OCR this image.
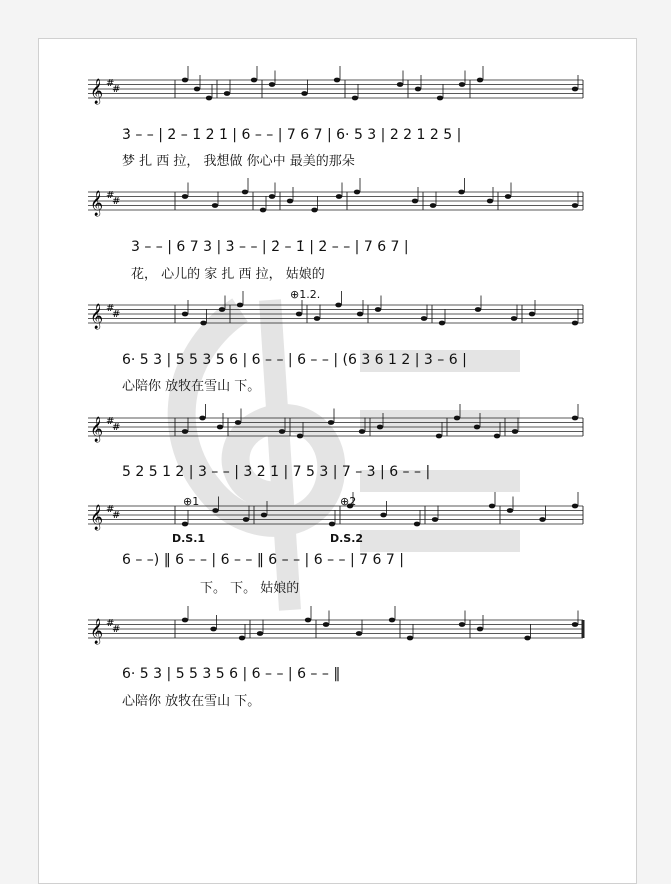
𝄞 #
#
𝄞 #
#
𝄞 #
#
𝄞 #
#
𝄞 #
#
𝄞 #
#
3̇ – – | 2̇ – 1̇ 2̇ 1̇ | 6 – – | 7 6 7 | 6· 5 3 | 2 2 1 2 5 |
梦 扎 西 拉， 我想做 你心中 最美的那朵
3 – – | 6 7 3 | 3̇ – – | 2̇ – 1̇ | 2̇ – – | 7 6 7 |
花， 心儿的 家 扎 西 拉， 姑娘的
6· 5 3 | 5 5 3 5 6 | 6 – – | 6 – – | (6 3 6 1 2 | 3 – 6 |
心陪你 放牧在雪山 下。
5 2 5 1 2 | 3 – – | 3̇ 2̇ 1̇ | 7 5 3 | 7 – 3 | 6 – – |
6 – –) ‖ 6 – – | 6 – – ‖ 6 – – | 6 – – | 7 6 7 |
下。 下。 姑娘的
6· 5 3 | 5 5 3 5 6 | 6 – – | 6 – – ‖
心陪你 放牧在雪山 下。
⊕1.2.
⊕1	⊕2
D.S.1	D.S.2
